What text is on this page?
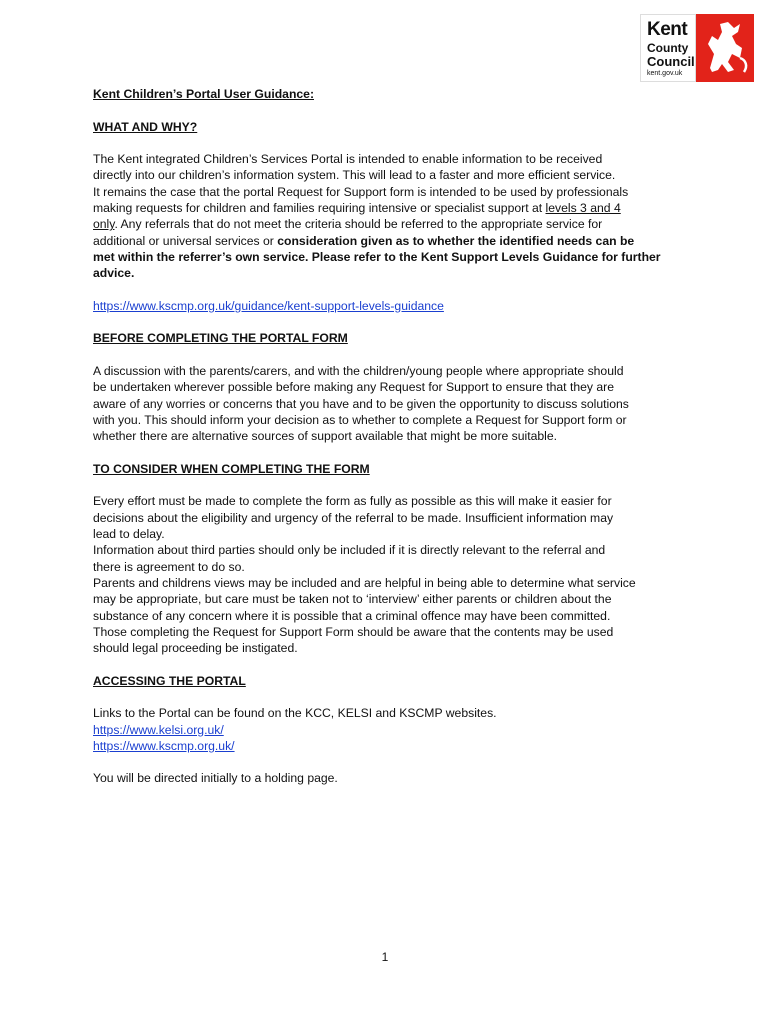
Kent
County
Council
kent.gov.uk

Kent Children’s Portal User Guidance:

WHAT AND WHY?

The Kent integrated Children’s Services Portal is intended to enable information to be received

directly into our children’s information system. This will lead to a faster and more efficient service.

It remains the case that the portal Request for Support form is intended to be used by professionals

making requests for children and families requiring intensive or specialist support at levels 3 and 4

only. Any referrals that do not meet the criteria should be referred to the appropriate service for

additional or universal services or consideration given as to whether the identified needs can be

met within the referrer’s own service. Please refer to the Kent Support Levels Guidance for further

advice.

https://www.kscmp.org.uk/guidance/kent-support-levels-guidance

BEFORE COMPLETING THE PORTAL FORM

A discussion with the parents/carers, and with the children/young people where appropriate should

be undertaken wherever possible before making any Request for Support to ensure that they are

aware of any worries or concerns that you have and to be given the opportunity to discuss solutions

with you. This should inform your decision as to whether to complete a Request for Support form or

whether there are alternative sources of support available that might be more suitable.

TO CONSIDER WHEN COMPLETING THE FORM

Every effort must be made to complete the form as fully as possible as this will make it easier for

decisions about the eligibility and urgency of the referral to be made. Insufficient information may

lead to delay.

Information about third parties should only be included if it is directly relevant to the referral and

there is agreement to do so.

Parents and childrens views may be included and are helpful in being able to determine what service

may be appropriate, but care must be taken not to ‘interview’ either parents or children about the

substance of any concern where it is possible that a criminal offence may have been committed.

Those completing the Request for Support Form should be aware that the contents may be used

should legal proceeding be instigated.

ACCESSING THE PORTAL

Links to the Portal can be found on the KCC, KELSI and KSCMP websites.

https://www.kelsi.org.uk/

https://www.kscmp.org.uk/

You will be directed initially to a holding page.

1
